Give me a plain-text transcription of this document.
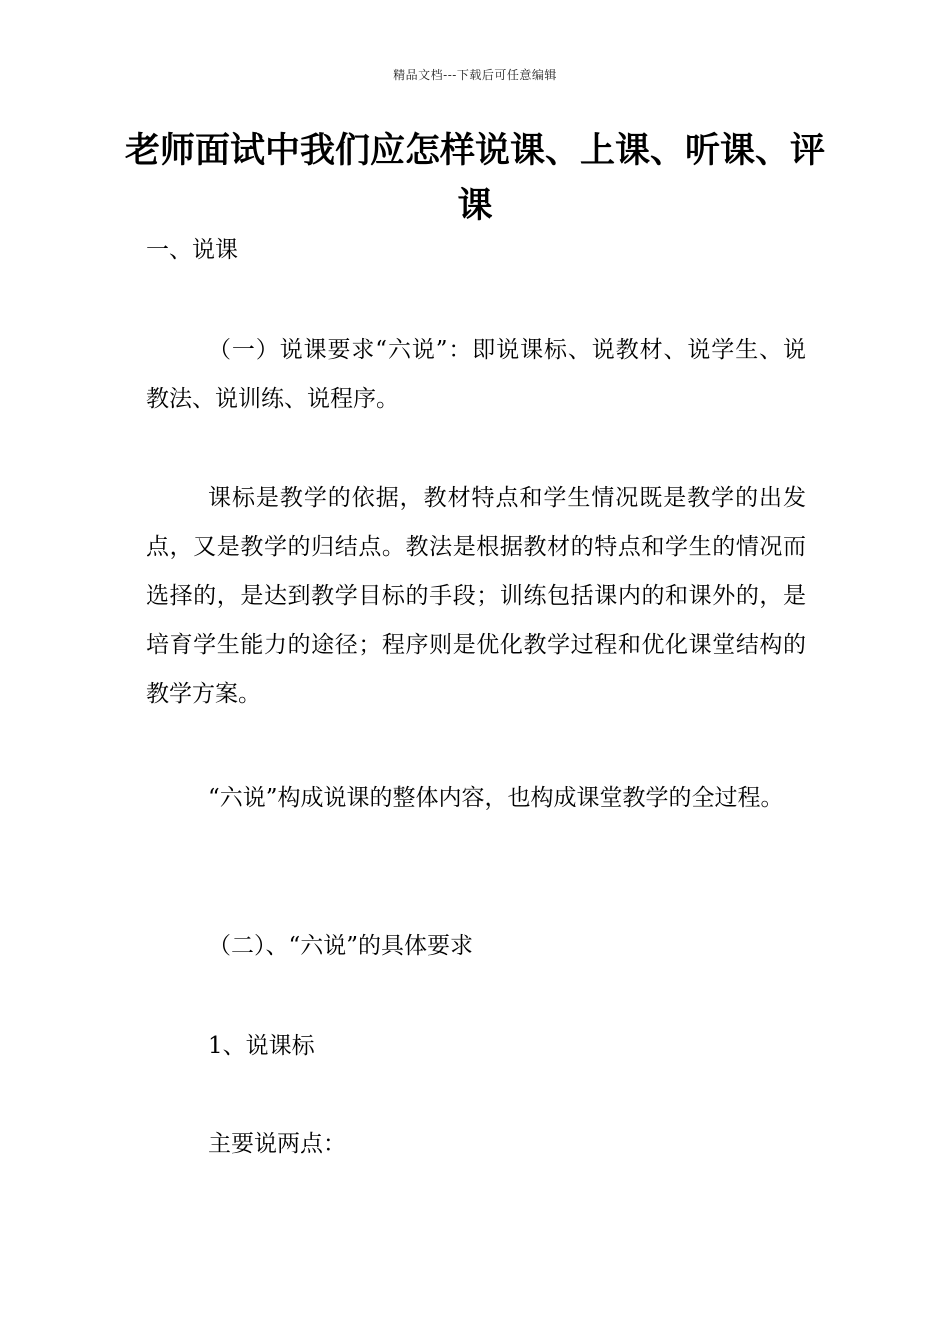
精品文档---下载后可任意编辑
老师面试中我们应怎样说课、上课、听课、评课

一、说课

（一）说课要求“六说”：即说课标、说教材、说学生、说教法、说训练、说程序。

课标是教学的依据，教材特点和学生情况既是教学的出发点，又是教学的归结点。教法是根据教材的特点和学生的情况而选择的，是达到教学目标的手段；训练包括课内的和课外的，是培育学生能力的途径；程序则是优化教学过程和优化课堂结构的教学方案。

“六说”构成说课的整体内容，也构成课堂教学的全过程。

（二）、“六说”的具体要求

1、说课标

主要说两点：
